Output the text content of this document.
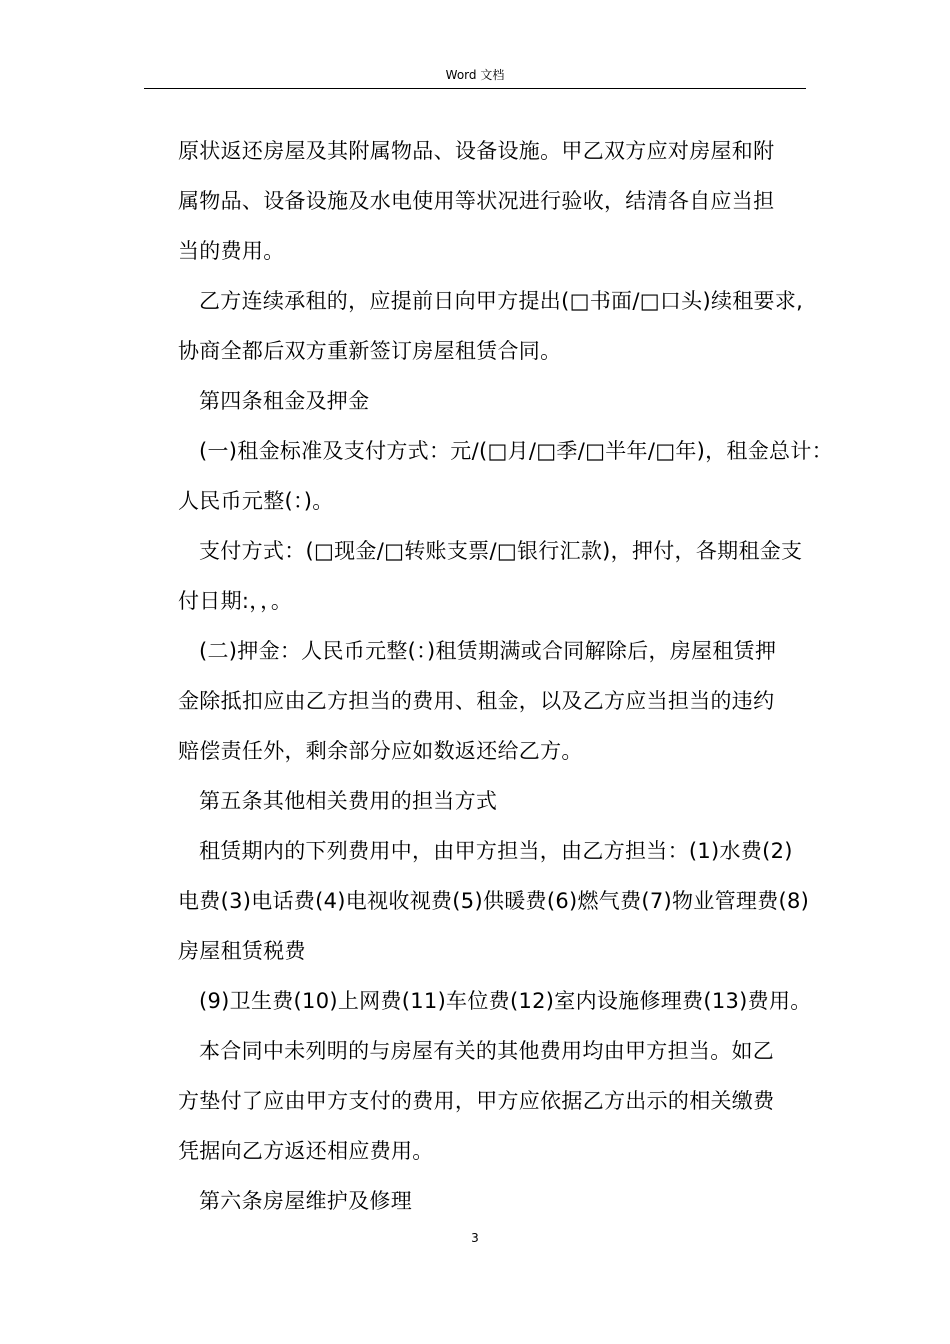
Word 文档
原状返还房屋及其附属物品、设备设施。甲乙双方应对房屋和附
属物品、设备设施及水电使用等状况进行验收，结清各自应当担
当的费用。
乙方连续承租的，应提前日向甲方提出(□书面/□口头)续租要求,
协商全都后双方重新签订房屋租赁合同。
第四条租金及押金
(一)租金标准及支付方式：元/(□月/□季/□半年/□年)，租金总计：
人民币元整(：)。
支付方式：(□现金/□转账支票/□银行汇款)，押付，各期租金支
付日期:，，。
(二)押金：人民币元整(：)租赁期满或合同解除后，房屋租赁押
金除抵扣应由乙方担当的费用、租金，以及乙方应当担当的违约
赔偿责任外，剩余部分应如数返还给乙方。
第五条其他相关费用的担当方式
租赁期内的下列费用中，由甲方担当，由乙方担当：(1)水费(2)
电费(3)电话费(4)电视收视费(5)供暖费(6)燃气费(7)物业管理费(8)
房屋租赁税费
(9)卫生费(10)上网费(11)车位费(12)室内设施修理费(13)费用。
本合同中未列明的与房屋有关的其他费用均由甲方担当。如乙
方垫付了应由甲方支付的费用，甲方应依据乙方出示的相关缴费
凭据向乙方返还相应费用。
第六条房屋维护及修理
3
